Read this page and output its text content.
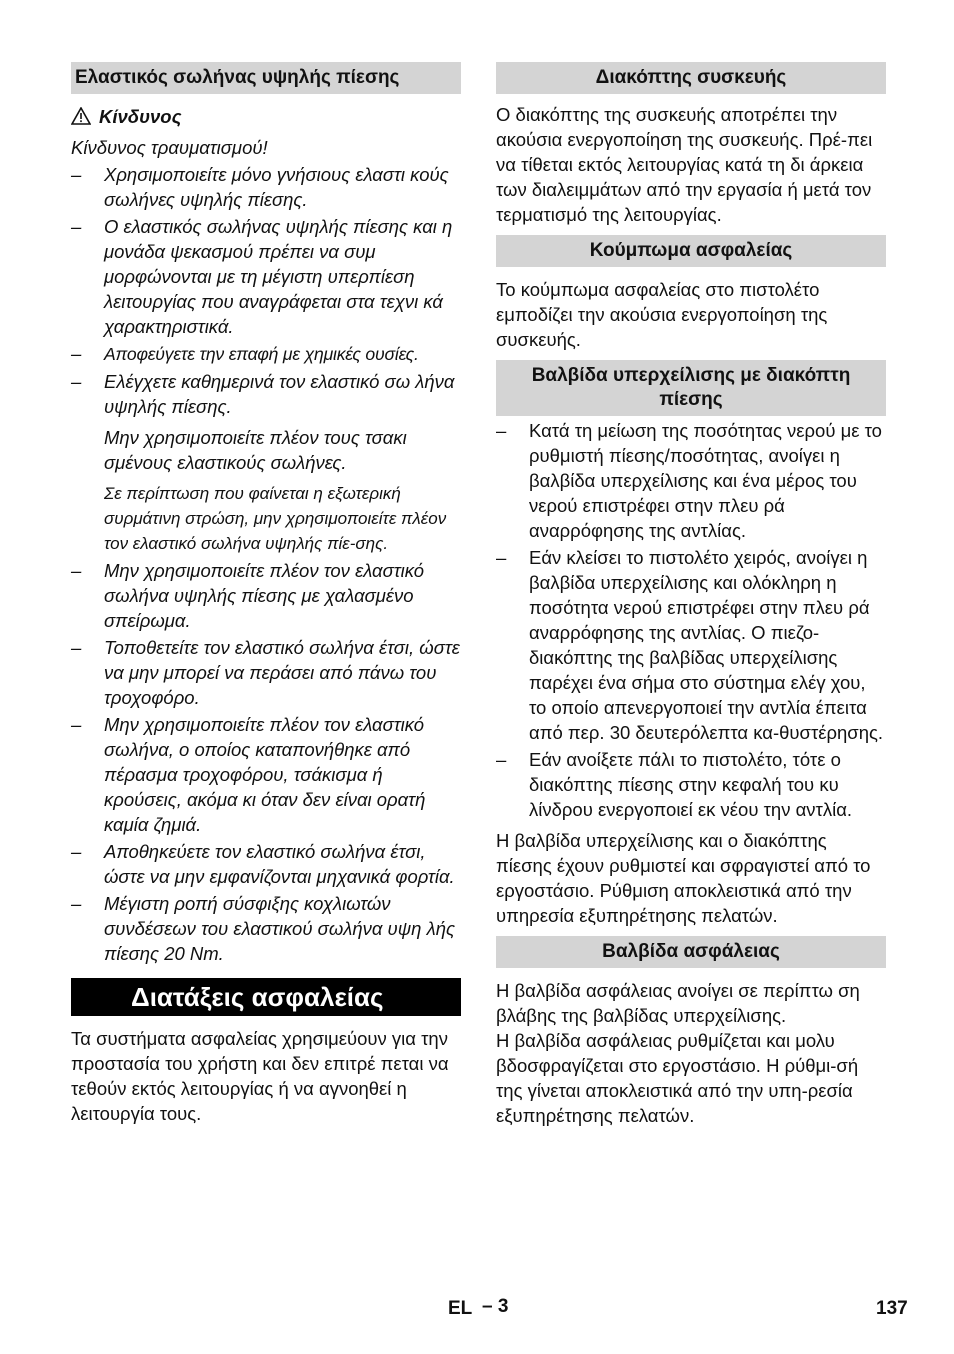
Ελαστικός σωλήνας υψηλής πίεσης
Κίνδυνος

Κίνδυνος τραυματισμού!

– Χρησιμοποιείτε μόνο γνήσιους ελαστι κούς σωλήνες υψηλής πίεσης.
– Ο ελαστικός σωλήνας υψηλής πίεσης και η μονάδα ψεκασμού πρέπει να συμ μορφώνονται με τη μέγιστη υπερπίεση λειτουργίας που αναγράφεται στα τεχνι κά χαρακτηριστικά.
– Αποφεύγετε την επαφή με χημικές ουσίες.
– Ελέγχετε καθημερινά τον ελαστικό σω λήνα υψηλής πίεσης.
Μην χρησιμοποιείτε πλέον τους τσακι σμένους ελαστικούς σωλήνες.
Σε περίπτωση που φαίνεται η εξωτερική συρμάτινη στρώση, μην χρησιμοποιείτε πλέον τον ελαστικό σωλήνα υψηλής πίε-σης.
– Μην χρησιμοποιείτε πλέον τον ελαστικό σωλήνα υψηλής πίεσης με χαλασμένο σπείρωμα.
– Τοποθετείτε τον ελαστικό σωλήνα έτσι, ώστε να μην μπορεί να περάσει από πάνω του τροχοφόρο.
– Μην χρησιμοποιείτε πλέον τον ελαστικό σωλήνα, ο οποίος καταπονήθηκε από πέρασμα τροχοφόρου, τσάκισμα ή κρούσεις, ακόμα κι όταν δεν είναι ορατή καμία ζημιά.
– Αποθηκεύετε τον ελαστικό σωλήνα έτσι, ώστε να μην εμφανίζονται μηχανικά φορτία.
– Μέγιστη ροπή σύσφιξης κοχλιωτών συνδέσεων του ελαστικού σωλήνα υψη λής πίεσης 20 Nm.
Διατάξεις ασφαλείας

Τα συστήματα ασφαλείας χρησιμεύουν για την προστασία του χρήστη και δεν επιτρέ πεται να τεθούν εκτός λειτουργίας ή να αγνοηθεί η λειτουργία τους.

Διακόπτης συσκευής

Ο διακόπτης της συσκευής αποτρέπει την ακούσια ενεργοποίηση της συσκευής. Πρέ-πει να τίθεται εκτός λειτουργίας κατά τη δι άρκεια των διαλειμμάτων από την εργασία ή μετά τον τερματισμό της λειτουργίας.

Κούμπωμα ασφαλείας

Το κούμπωμα ασφαλείας στο πιστολέτο εμποδίζει την ακούσια ενεργοποίηση της συσκευής.

Βαλβίδα υπερχείλισης με διακόπτη πίεσης
– Κατά τη μείωση της ποσότητας νερού με το ρυθμιστή πίεσης/ποσότητας, ανοίγει η βαλβίδα υπερχείλισης και ένα μέρος του νερού επιστρέφει στην πλευ ρά αναρρόφησης της αντλίας.
– Εάν κλείσει το πιστολέτο χειρός, ανοίγει η βαλβίδα υπερχείλισης και ολόκληρη η ποσότητα νερού επιστρέφει στην πλευ ρά αναρρόφησης της αντλίας. Ο πιεζο-διακόπτης της βαλβίδας υπερχείλισης παρέχει ένα σήμα στο σύστημα ελέγ χου, το οποίο απενεργοποιεί την αντλία έπειτα από περ. 30 δευτερόλεπτα κα-θυστέρησης.
– Εάν ανοίξετε πάλι το πιστολέτο, τότε ο διακόπτης πίεσης στην κεφαλή του κυ λίνδρου ενεργοποιεί εκ νέου την αντλία.

Η βαλβίδα υπερχείλισης και ο διακόπτης πίεσης έχουν ρυθμιστεί και σφραγιστεί από το εργοστάσιο. Ρύθμιση αποκλειστικά από την υπηρεσία εξυπηρέτησης πελατών.

Βαλβίδα ασφάλειας

Η βαλβίδα ασφάλειας ανοίγει σε περίπτω ση βλάβης της βαλβίδας υπερχείλισης.

Η βαλβίδα ασφάλειας ρυθμίζεται και μολυ βδοσφραγίζεται στο εργοστάσιο. Η ρύθμι-σή της γίνεται αποκλειστικά από την υπη-ρεσία εξυπηρέτησης πελατών.

EL – 3	137
